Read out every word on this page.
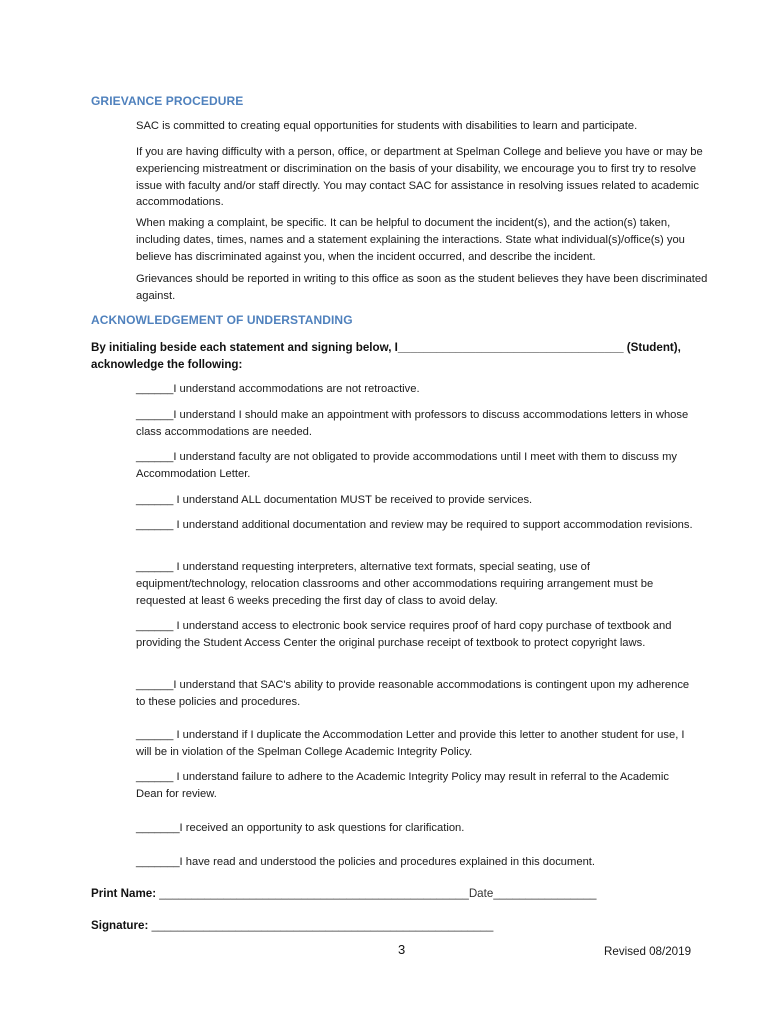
GRIEVANCE PROCEDURE
SAC is committed to creating equal opportunities for students with disabilities to learn and participate.
If you are having difficulty with a person, office, or department at Spelman College and believe you have or may be experiencing mistreatment or discrimination on the basis of your disability, we encourage you to first try to resolve issue with faculty and/or staff directly. You may contact SAC for assistance in resolving issues related to academic accommodations.
When making a complaint, be specific. It can be helpful to document the incident(s), and the action(s) taken, including dates, times, names and a statement explaining the interactions. State what individual(s)/office(s) you believe has discriminated against you, when the incident occurred, and describe the incident.
Grievances should be reported in writing to this office as soon as the student believes they have been discriminated against.
ACKNOWLEDGEMENT OF UNDERSTANDING
By initialing beside each statement and signing below, I___________________________________ (Student), acknowledge the following:
______I understand accommodations are not retroactive.
______I understand I should make an appointment with professors to discuss accommodations letters in whose class accommodations are needed.
______I understand faculty are not obligated to provide accommodations until I meet with them to discuss my Accommodation Letter.
______ I understand ALL documentation MUST be received to provide services.
______ I understand additional documentation and review may be required to support accommodation revisions.
______ I understand requesting interpreters, alternative text formats, special seating, use of equipment/technology, relocation classrooms and other accommodations requiring arrangement must be requested at least 6 weeks preceding the first day of class to avoid delay.
______ I understand access to electronic book service requires proof of hard copy purchase of textbook and providing the Student Access Center the original purchase receipt of textbook to protect copyright laws.
______I understand that SAC's ability to provide reasonable accommodations is contingent upon my adherence to these policies and procedures.
______ I understand if I duplicate the Accommodation Letter and provide this letter to another student for use, I will be in violation of the Spelman College Academic Integrity Policy.
______ I understand failure to adhere to the Academic Integrity Policy may result in referral to the Academic Dean for review.
_______I received an opportunity to ask questions for clarification.
_______I have read and understood the policies and procedures explained in this document.
Print Name: ________________________________________________Date________________
Signature: _____________________________________________________
3	Revised 08/2019
